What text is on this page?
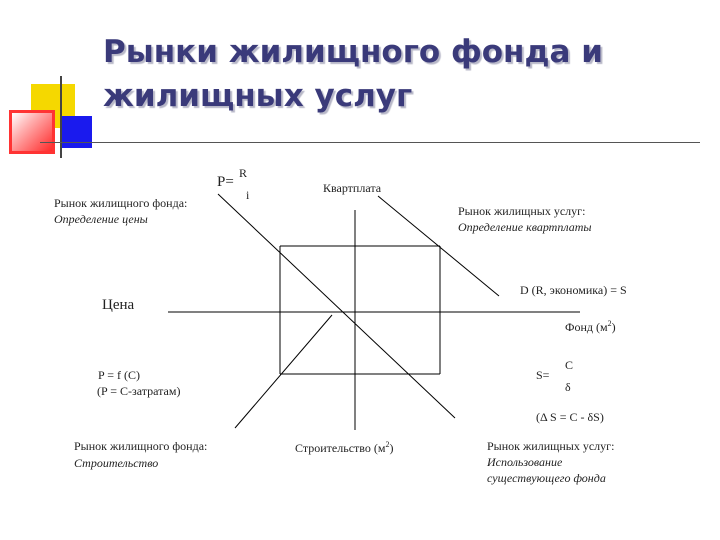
Рынки жилищного фонда и
жилищных услуг
P=
R
i	Квартплата
Рынок жилищного фонда:
Определение цены
Рынок жилищных услуг:
Определение квартплаты
D (R, экономика) = S
Цена
Фонд $(м^2)$
P = f (C)
(P = C-затратам)
S=
C
δ
(Δ S = C - δS)
Рынок жилищного фонда:
Строительство
Строительство $(м^2)$	Рынок жилищных услуг:
Использование
существующего фонда
